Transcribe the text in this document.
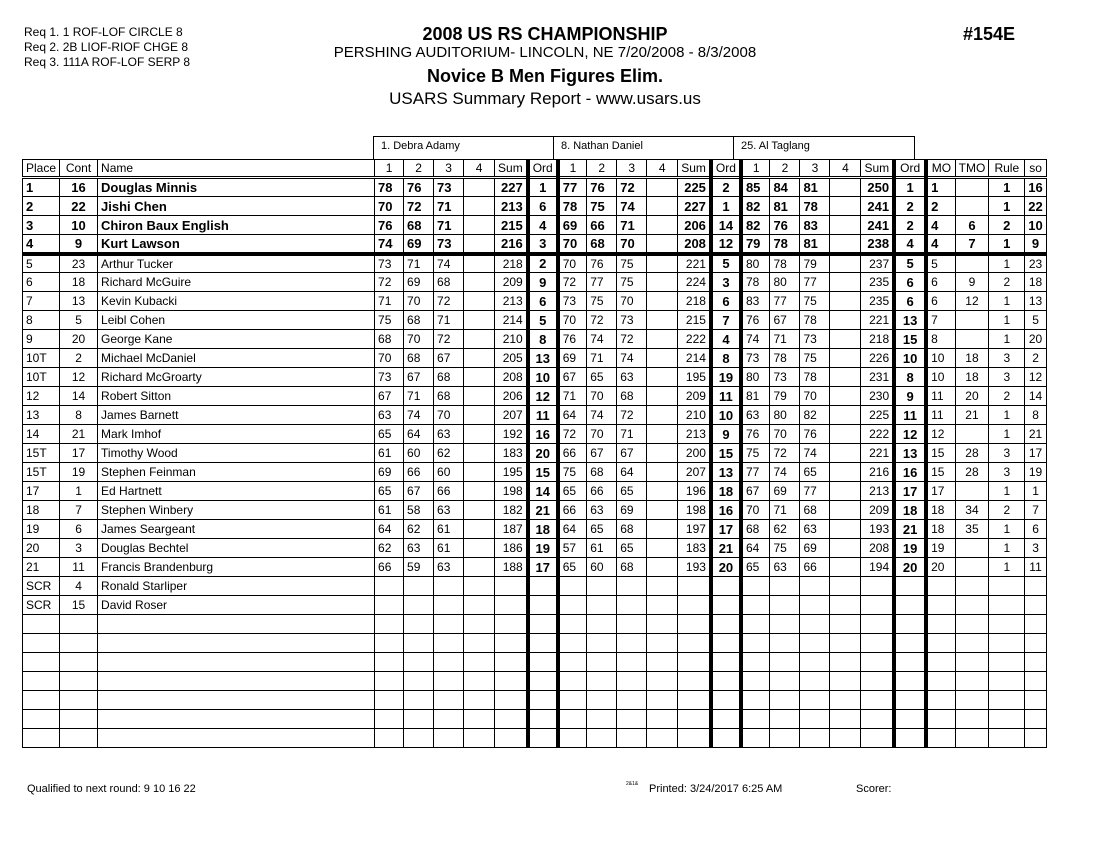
Req 1. 1 ROF-LOF CIRCLE 8
Req 2. 2B LIOF-RIOF CHGE 8
Req 3. 111A ROF-LOF SERP 8
2008 US RS CHAMPIONSHIP
PERSHING AUDITORIUM- LINCOLN, NE 7/20/2008 - 8/3/2008
Novice B Men Figures Elim.
USARS Summary Report - www.usars.us
#154E
1. Debra Adamy	8. Nathan Daniel	25. Al Taglang
Place	Cont	Name	1	2	3	4	Sum	Ord	1	2	3	4	Sum	Ord	1	2	3	4	Sum	Ord	MO	TMO	Rule	so
1	16	Douglas Minnis	78	76	73		227	1	77	76	72		225	2	85	84	81		250	1	1		1	16
2	22	Jishi Chen	70	72	71		213	6	78	75	74		227	1	82	81	78		241	2	2		1	22
3	10	Chiron Baux English	76	68	71		215	4	69	66	71		206	14	82	76	83		241	2	4	6	2	10
4	9	Kurt Lawson	74	69	73		216	3	70	68	70		208	12	79	78	81		238	4	4	7	1	9
5	23	Arthur Tucker	73	71	74		218	2	70	76	75		221	5	80	78	79		237	5	5		1	23
6	18	Richard McGuire	72	69	68		209	9	72	77	75		224	3	78	80	77		235	6	6	9	2	18
7	13	Kevin Kubacki	71	70	72		213	6	73	75	70		218	6	83	77	75		235	6	6	12	1	13
8	5	Leibl Cohen	75	68	71		214	5	70	72	73		215	7	76	67	78		221	13	7		1	5
9	20	George Kane	68	70	72		210	8	76	74	72		222	4	74	71	73		218	15	8		1	20
10T	2	Michael McDaniel	70	68	67		205	13	69	71	74		214	8	73	78	75		226	10	10	18	3	2
10T	12	Richard McGroarty	73	67	68		208	10	67	65	63		195	19	80	73	78		231	8	10	18	3	12
12	14	Robert Sitton	67	71	68		206	12	71	70	68		209	11	81	79	70		230	9	11	20	2	14
13	8	James Barnett	63	74	70		207	11	64	74	72		210	10	63	80	82		225	11	11	21	1	8
14	21	Mark Imhof	65	64	63		192	16	72	70	71		213	9	76	70	76		222	12	12		1	21
15T	17	Timothy Wood	61	60	62		183	20	66	67	67		200	15	75	72	74		221	13	15	28	3	17
15T	19	Stephen Feinman	69	66	60		195	15	75	68	64		207	13	77	74	65		216	16	15	28	3	19
17	1	Ed Hartnett	65	67	66		198	14	65	66	65		196	18	67	69	77		213	17	17		1	1
18	7	Stephen Winbery	61	58	63		182	21	66	63	69		198	16	70	71	68		209	18	18	34	2	7
19	6	James Seargeant	64	62	61		187	18	64	65	68		197	17	68	62	63		193	21	18	35	1	6
20	3	Douglas Bechtel	62	63	61		186	19	57	61	65		183	21	64	75	69		208	19	19		1	3
21	11	Francis Brandenburg	66	59	63		188	17	65	60	68		193	20	65	63	66		194	20	20		1	11
SCR	4	Ronald Starliper																						
SCR	15	David Roser																						

Qualified to next round: 9 10 16 22	2&1& Printed: 3/24/2017 6:25 AM	Scorer:
